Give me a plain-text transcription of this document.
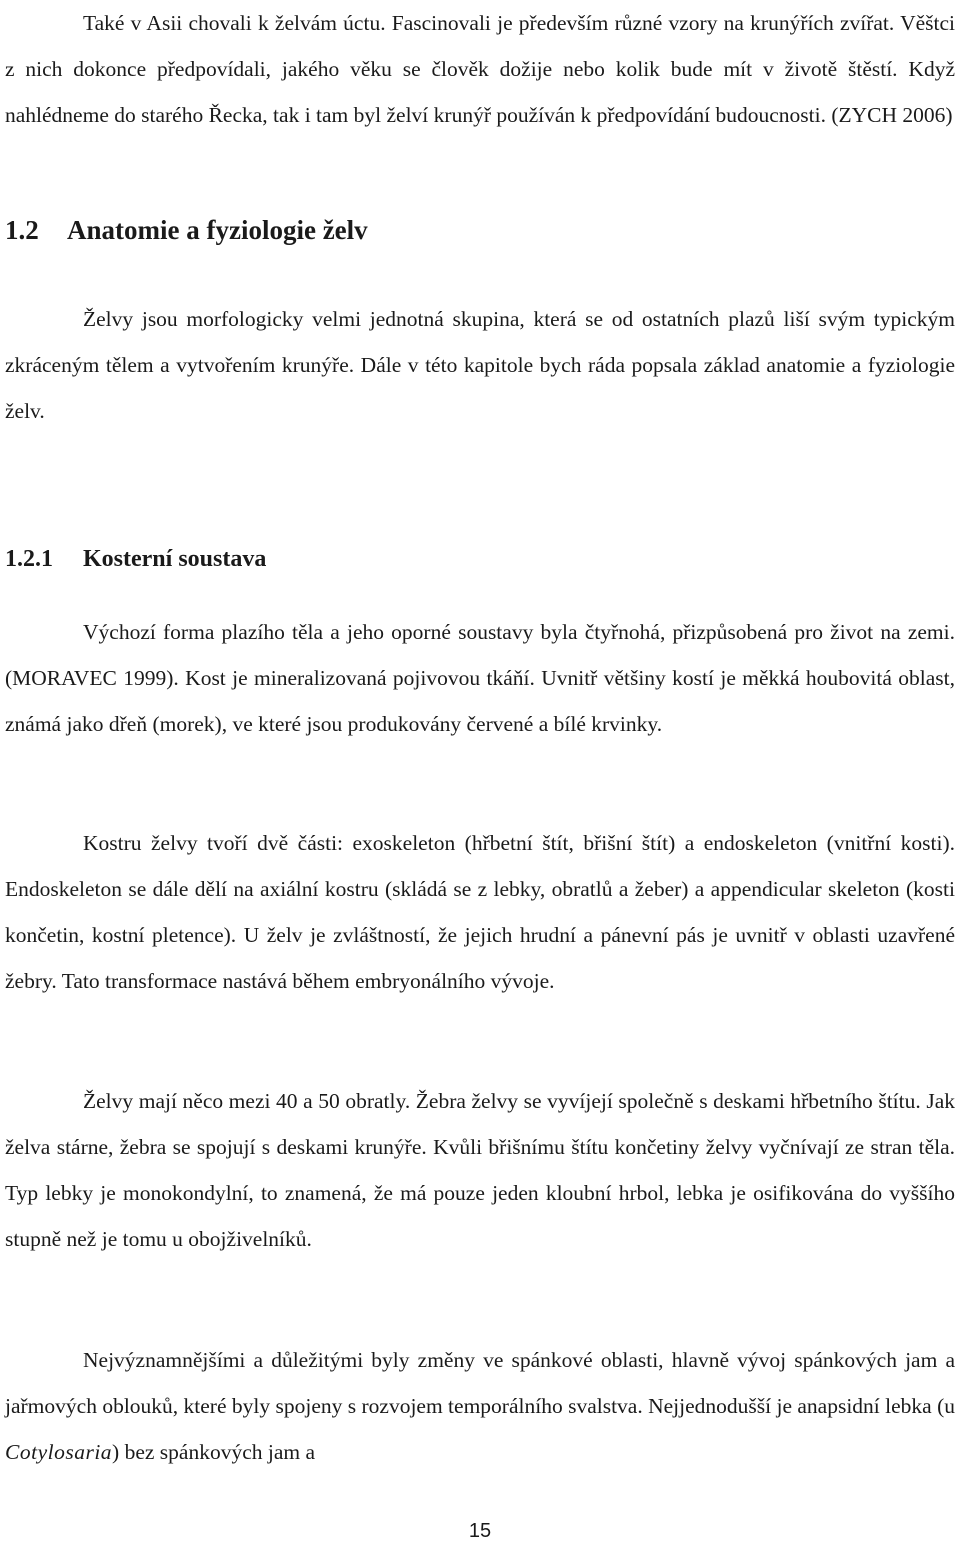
Také v Asii chovali k želvám úctu. Fascinovali je především různé vzory na krunýřích zvířat. Věštci z nich dokonce předpovídali, jakého věku se člověk dožije nebo kolik bude mít v životě štěstí. Když nahlédneme do starého Řecka, tak i tam byl želví krunýř používán k předpovídání budoucnosti. (ZYCH 2006)

1.2 Anatomie a fyziologie želv

Želvy jsou morfologicky velmi jednotná skupina, která se od ostatních plazů liší svým typickým zkráceným tělem a vytvořením krunýře. Dále v této kapitole bych ráda popsala základ anatomie a fyziologie želv.

1.2.1 Kosterní soustava

Výchozí forma plazího těla a jeho oporné soustavy byla čtyřnohá, přizpůsobená pro život na zemi. (MORAVEC 1999). Kost je mineralizovaná pojivovou tkáňí. Uvnitř většiny kostí je měkká houbovitá oblast, známá jako dřeň (morek), ve které jsou produkovány červené a bílé krvinky.

Kostru želvy tvoří dvě části: exoskeleton (hřbetní štít, břišní štít) a endoskeleton (vnitřní kosti). Endoskeleton se dále dělí na axiální kostru (skládá se z lebky, obratlů a žeber) a appendicular skeleton (kosti končetin, kostní pletence). U želv je zvláštností, že jejich hrudní a pánevní pás je uvnitř v oblasti uzavřené žebry. Tato transformace nastává během embryonálního vývoje.

Želvy mají něco mezi 40 a 50 obratly. Žebra želvy se vyvíjejí společně s deskami hřbetního štítu. Jak želva stárne, žebra se spojují s deskami krunýře. Kvůli břišnímu štítu končetiny želvy vyčnívají ze stran těla. Typ lebky je monokondylní, to znamená, že má pouze jeden kloubní hrbol, lebka je osifikována do vyššího stupně než je tomu u obojživelníků.

Nejvýznamnějšími a důležitými byly změny ve spánkové oblasti, hlavně vývoj spánkových jam a jařmových oblouků, které byly spojeny s rozvojem temporálního svalstva. Nejjednodušší je anapsidní lebka (u Cotylosaria) bez spánkových jam a

15
